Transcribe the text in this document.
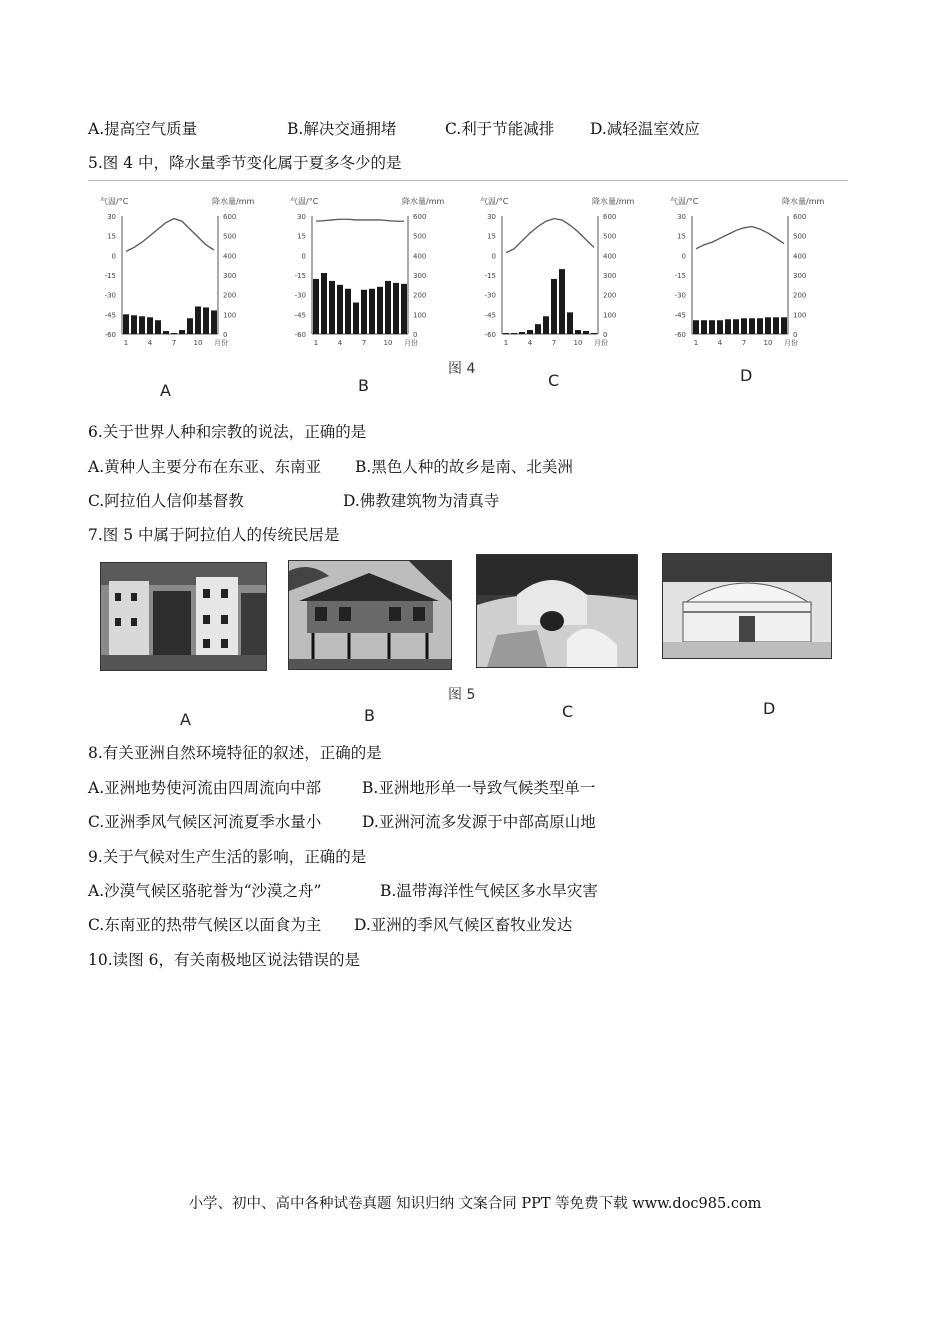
A.提高空气质量	B.解决交通拥堵	C.利于节能减排 D.减轻温室效应
5.图 4 中，降水量季节变化属于夏多冬少的是
气温/°C	降水量/mm
30
15
0
-15
-30
-45
-60
600
500
400
300
200
100
0
1	4	7 10 月份
气温/°C	降水量/mm
30
15
0
-15
-30
-45
-60
600
500
400
300
200
100
0
1	4	7 10 月份
气温/°C	降水量/mm
30
15
0
-15
-30
-45
-60
600
500
400
300
200
100
0
1	4	7 10 月份
气温/°C	降水量/mm
30
15
0
-15
-30
-45
-60
600
500
400
300
200
100
0
1	4	7 10 月份
图 4
A	B	C	D
6.关于世界人种和宗教的说法，正确的是
A.黄种人主要分布在东亚、东南亚 B.黑色人种的故乡是南、北美洲
C.阿拉伯人信仰基督教	D.佛教建筑物为清真寺
7.图 5 中属于阿拉伯人的传统民居是
图 5
A	B	C	D
8.有关亚洲自然环境特征的叙述，正确的是
A.亚洲地势使河流由四周流向中部	B.亚洲地形单一导致气候类型单一
C.亚洲季风气候区河流夏季水量小	D.亚洲河流多发源于中部高原山地
9.关于气候对生产生活的影响，正确的是
A.沙漠气候区骆驼誉为“沙漠之舟”	B.温带海洋性气候区多水旱灾害
C.东南亚的热带气候区以面食为主 D.亚洲的季风气候区畜牧业发达
10.读图 6，有关南极地区说法错误的是
小学、初中、高中各种试卷真题 知识归纳 文案合同 PPT 等免费下载 www.doc985.com
